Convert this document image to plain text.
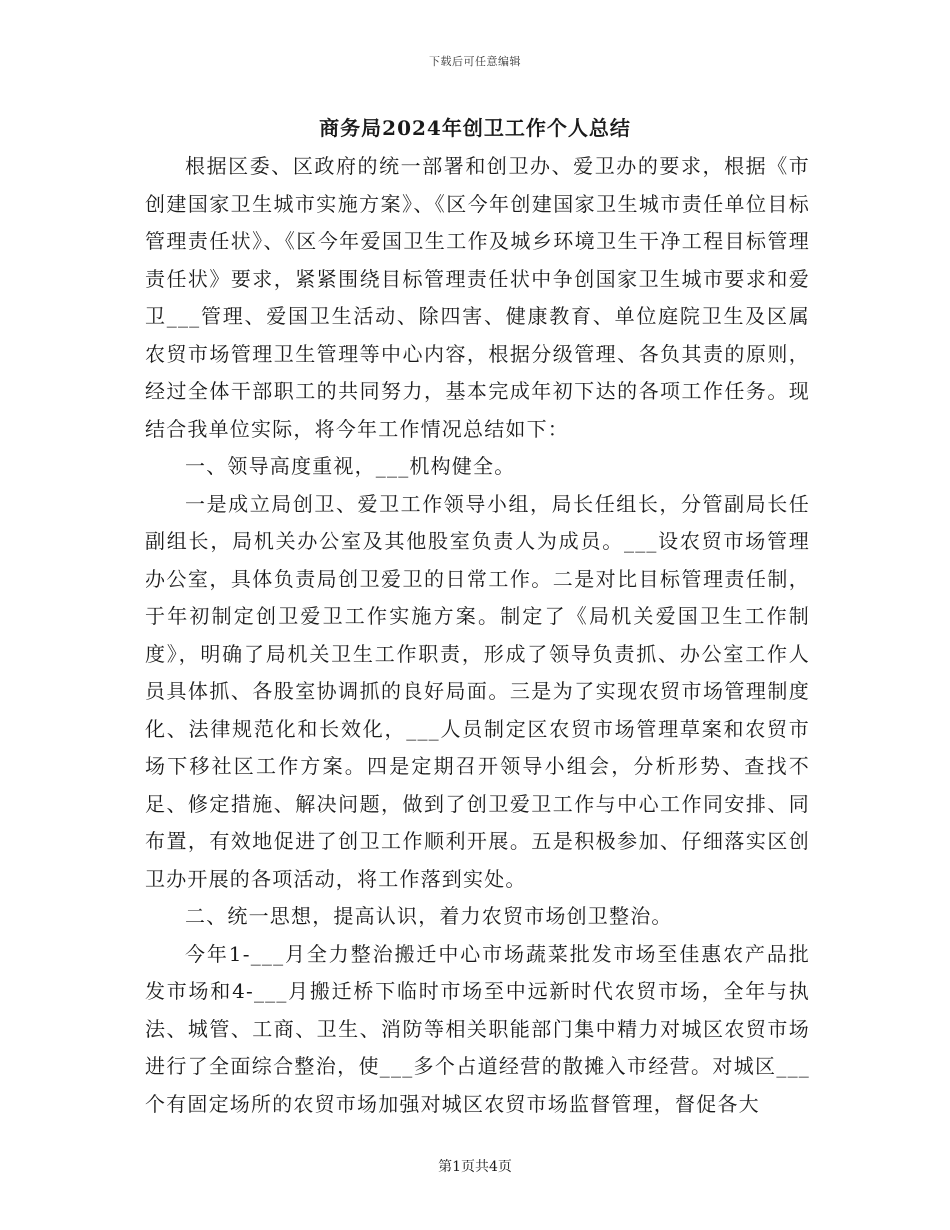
下载后可任意编辑
商务局2024年创卫工作个人总结

根据区委、区政府的统一部署和创卫办、爱卫办的要求，根据《市创建国家卫生城市实施方案》、《区今年创建国家卫生城市责任单位目标管理责任状》、《区今年爱国卫生工作及城乡环境卫生干净工程目标管理责任状》要求，紧紧围绕目标管理责任状中争创国家卫生城市要求和爱卫___管理、爱国卫生活动、除四害、健康教育、单位庭院卫生及区属农贸市场管理卫生管理等中心内容，根据分级管理、各负其责的原则，经过全体干部职工的共同努力，基本完成年初下达的各项工作任务。现结合我单位实际，将今年工作情况总结如下：

一、领导高度重视，___机构健全。

一是成立局创卫、爱卫工作领导小组，局长任组长，分管副局长任副组长，局机关办公室及其他股室负责人为成员。___设农贸市场管理办公室，具体负责局创卫爱卫的日常工作。二是对比目标管理责任制，于年初制定创卫爱卫工作实施方案。制定了《局机关爱国卫生工作制度》，明确了局机关卫生工作职责，形成了领导负责抓、办公室工作人员具体抓、各股室协调抓的良好局面。三是为了实现农贸市场管理制度化、法律规范化和长效化，___人员制定区农贸市场管理草案和农贸市场下移社区工作方案。四是定期召开领导小组会，分析形势、查找不足、修定措施、解决问题，做到了创卫爱卫工作与中心工作同安排、同布置，有效地促进了创卫工作顺利开展。五是积极参加、仔细落实区创卫办开展的各项活动，将工作落到实处。

二、统一思想，提高认识，着力农贸市场创卫整治。

今年1-___月全力整治搬迁中心市场蔬菜批发市场至佳惠农产品批发市场和4-___月搬迁桥下临时市场至中远新时代农贸市场，全年与执法、城管、工商、卫生、消防等相关职能部门集中精力对城区农贸市场进行了全面综合整治，使___多个占道经营的散摊入市经营。对城区___个有固定场所的农贸市场加强对城区农贸市场监督管理，督促各大

第1页共4页
